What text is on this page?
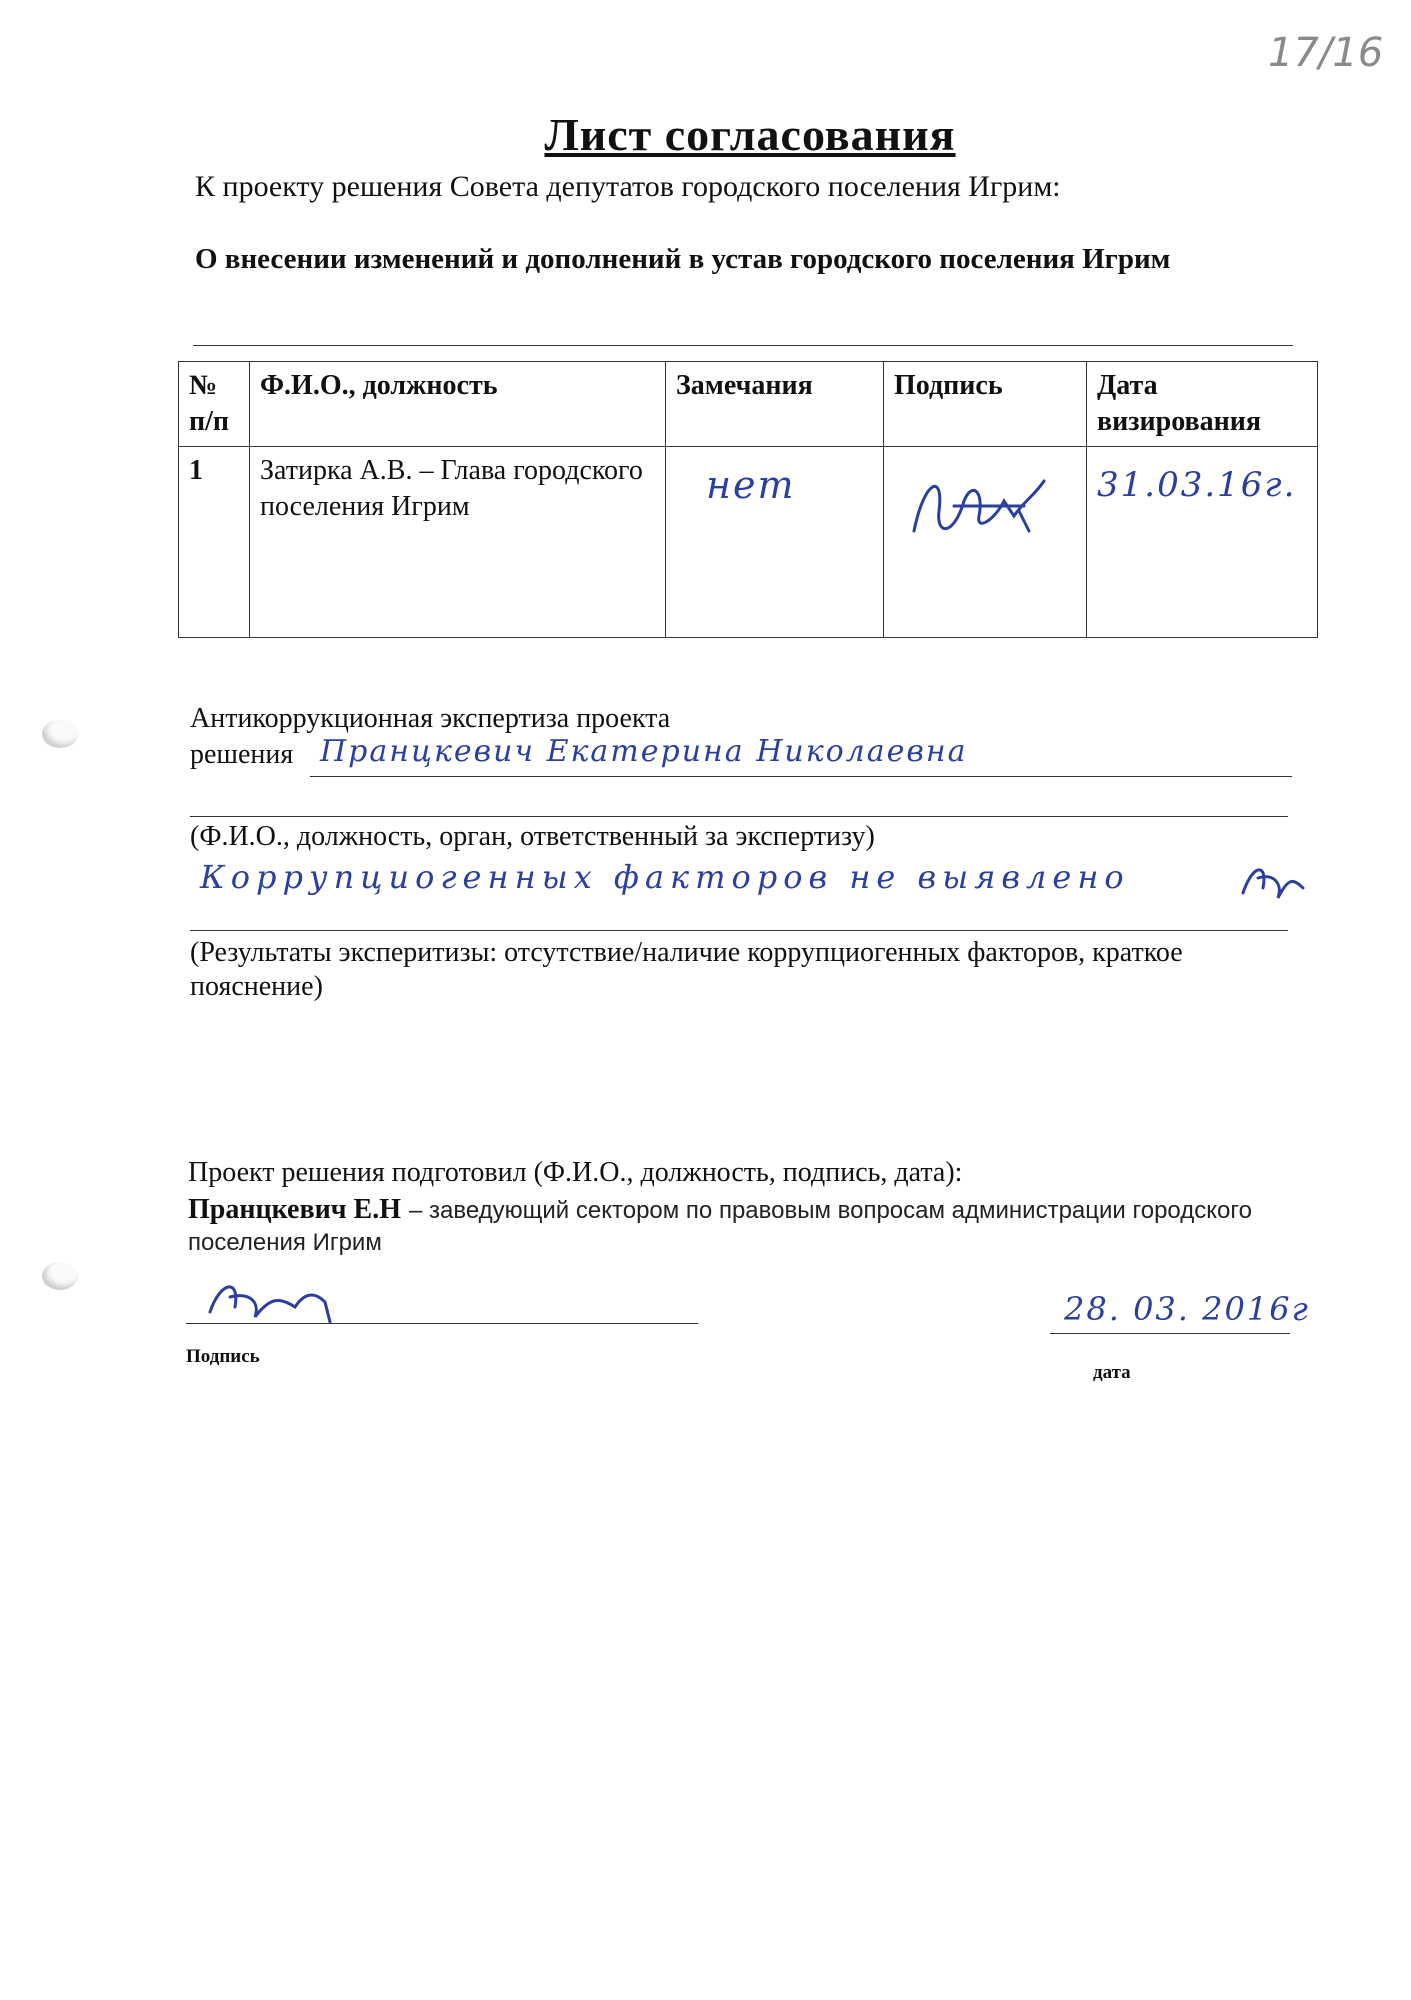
17/16
Лист согласования
К проекту решения Совета депутатов городского поселения Игрим:
О внесении изменений и дополнений в устав городского поселения Игрим
№ п/п	Ф.И.О., должность	Замечания	Подпись	Дата визирования
1	Затирка А.В. – Глава городского поселения Игрим	нет		31.03.16г.
Антикоррукционная экспертиза проекта
решения Пранцкевич Екатерина Николаевна
(Ф.И.О., должность, орган, ответственный за экспертизу)
Коррупциогенных факторов не выявлено
(Результаты эксперитизы: отсутствие/наличие коррупциогенных факторов, краткое пояснение)
Проект решения подготовил (Ф.И.О., должность, подпись, дата):
Пранцкевич Е.Н – заведующий сектором по правовым вопросам администрации городского поселения Игрим
Подпись
28. 03. 2016г
дата
